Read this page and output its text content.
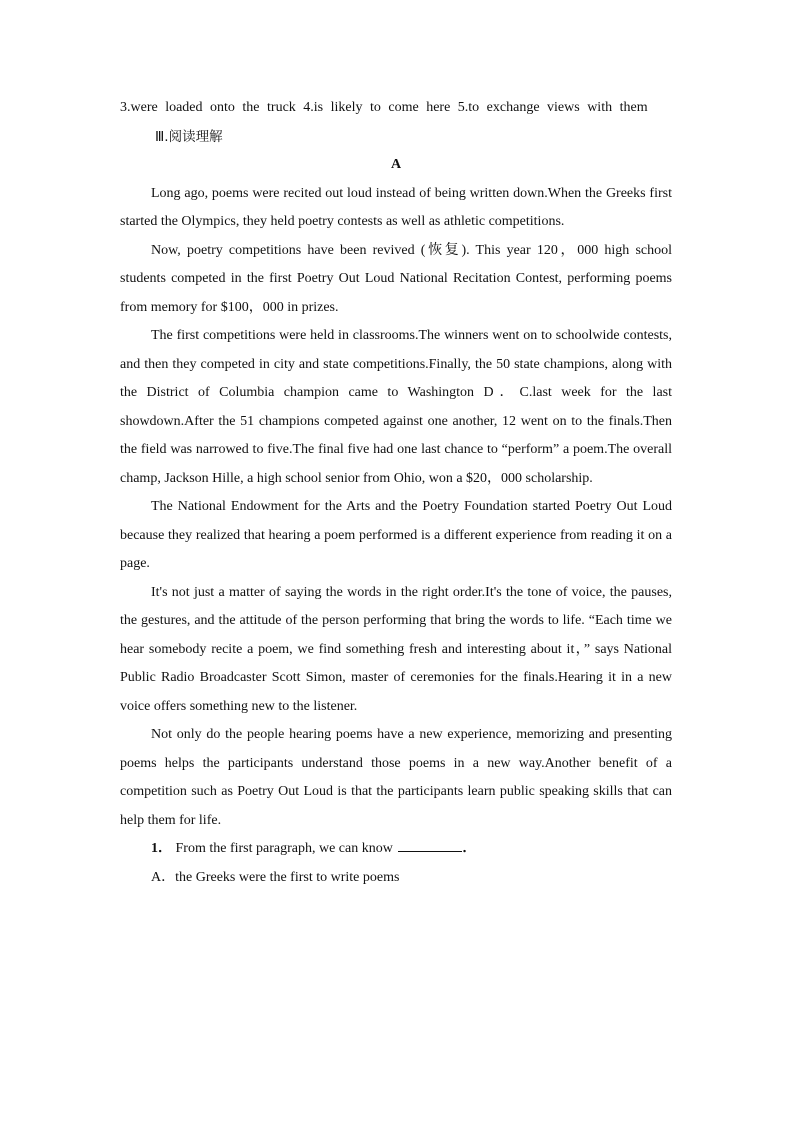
3.were loaded onto the truck 4.is likely to come here 5.to exchange views with them

Ⅲ.阅读理解

A

Long ago, poems were recited out loud instead of being written down.When the Greeks first started the Olympics, they held poetry contests as well as athletic competitions.

Now, poetry competitions have been revived (恢复). This year 120，000 high school students competed in the first Poetry Out Loud National Recitation Contest, performing poems from memory for $100，000 in prizes.

The first competitions were held in classrooms.The winners went on to schoolwide contests, and then they competed in city and state competitions.Finally, the 50 state champions, along with the District of Columbia champion came to Washington D．C.last week for the last showdown.After the 51 champions competed against one another, 12 went on to the finals.Then the field was narrowed to five.The final five had one last chance to “perform” a poem.The overall champ, Jackson Hille, a high school senior from Ohio, won a $20，000 scholarship.

The National Endowment for the Arts and the Poetry Foundation started Poetry Out Loud because they realized that hearing a poem performed is a different experience from reading it on a page.

It's not just a matter of saying the words in the right order.It's the tone of voice, the pauses, the gestures, and the attitude of the person performing that bring the words to life. “Each time we hear somebody recite a poem, we find something fresh and interesting about it，” says National Public Radio Broadcaster Scott Simon, master of ceremonies for the finals.Hearing it in a new voice offers something new to the listener.

Not only do the people hearing poems have a new experience, memorizing and presenting poems helps the participants understand those poems in a new way.Another benefit of a competition such as Poetry Out Loud is that the participants learn public speaking skills that can help them for life.

1． From the first paragraph, we can know	．

A．the Greeks were the first to write poems
